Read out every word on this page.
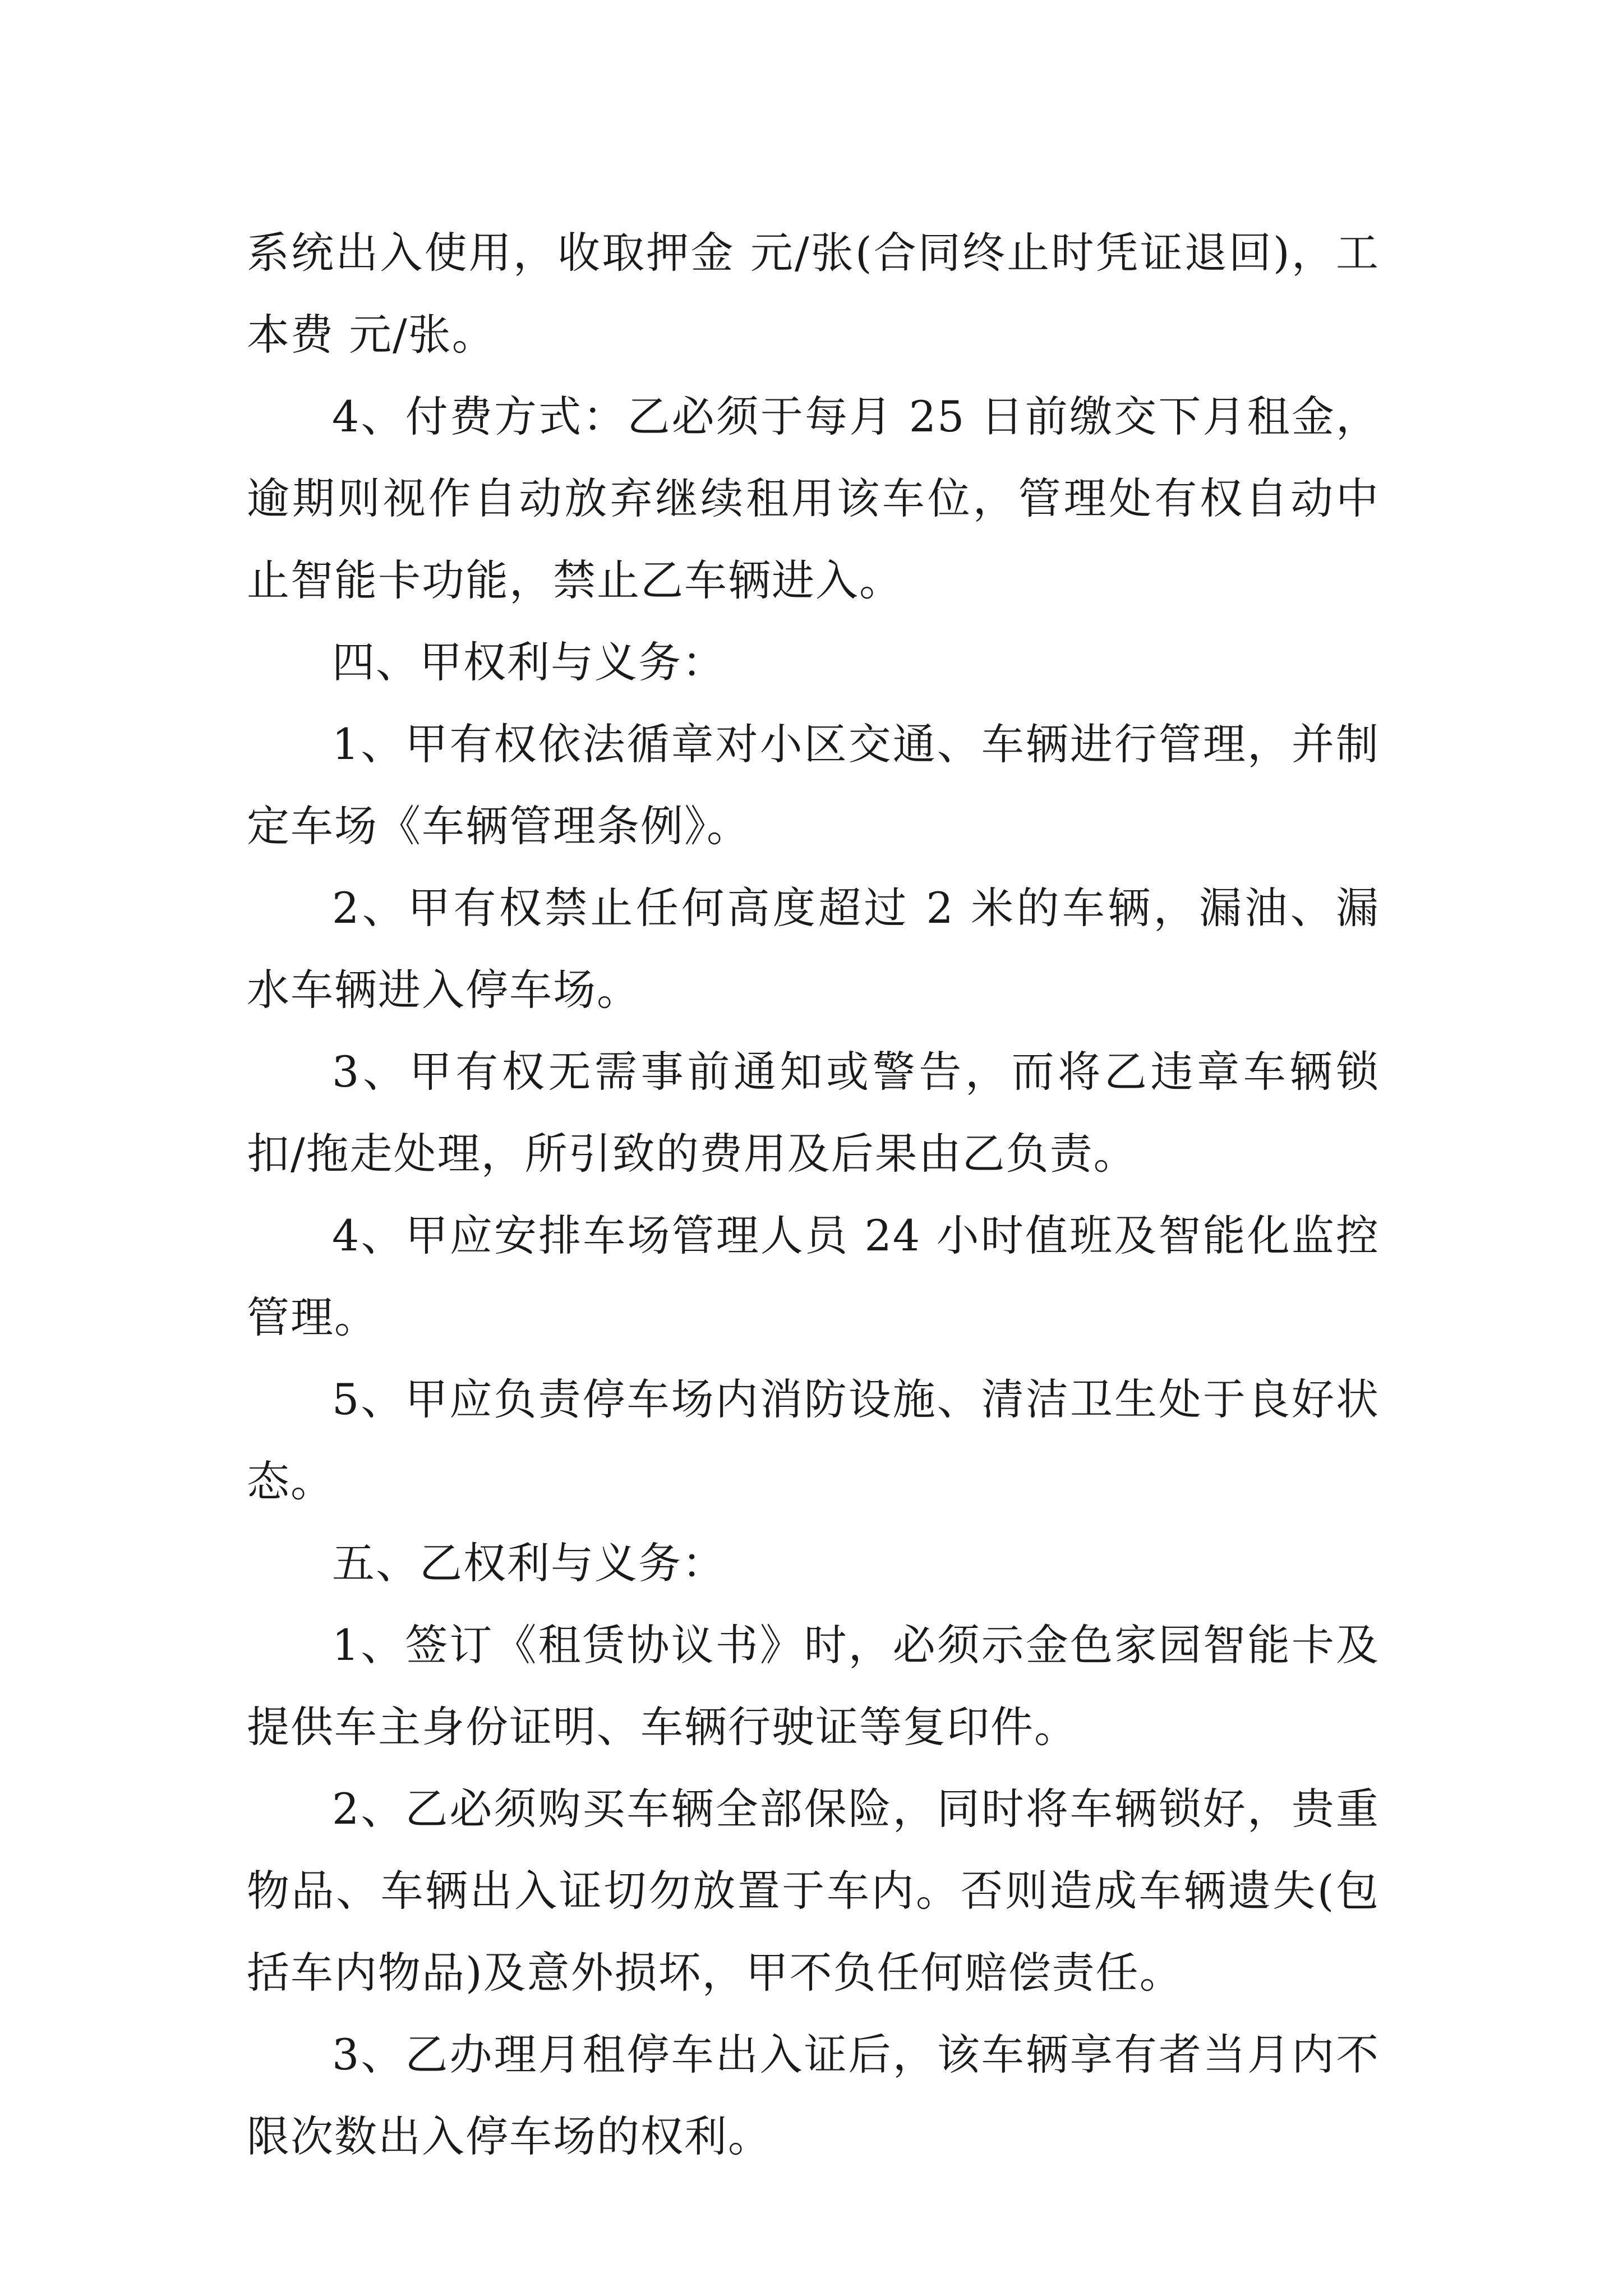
系统出入使用，收取押金 元/张(合同终止时凭证退回)，工本费 元/张。

4、付费方式：乙必须于每月 25 日前缴交下月租金，逾期则视作自动放弃继续租用该车位，管理处有权自动中止智能卡功能，禁止乙车辆进入。

四、甲权利与义务：

1、甲有权依法循章对小区交通、车辆进行管理，并制定车场《车辆管理条例》。

2、甲有权禁止任何高度超过 2 米的车辆，漏油、漏水车辆进入停车场。

3、甲有权无需事前通知或警告，而将乙违章车辆锁扣/拖走处理，所引致的费用及后果由乙负责。

4、甲应安排车场管理人员 24 小时值班及智能化监控管理。

5、甲应负责停车场内消防设施、清洁卫生处于良好状态。

五、乙权利与义务：

1、签订《租赁协议书》时，必须示金色家园智能卡及提供车主身份证明、车辆行驶证等复印件。

2、乙必须购买车辆全部保险，同时将车辆锁好，贵重物品、车辆出入证切勿放置于车内。否则造成车辆遗失(包括车内物品)及意外损坏，甲不负任何赔偿责任。

3、乙办理月租停车出入证后，该车辆享有者当月内不限次数出入停车场的权利。
